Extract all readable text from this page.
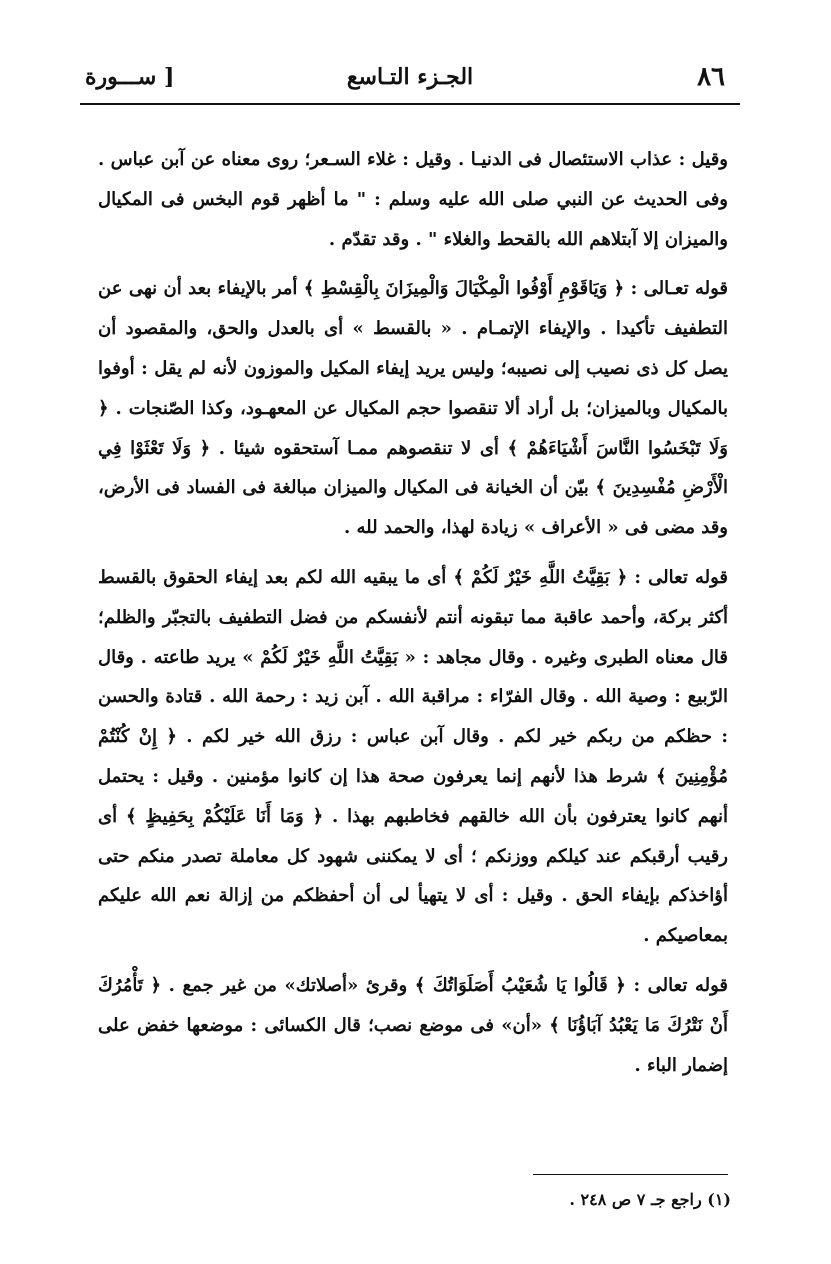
٨٦
الجـزء التـاسع
[ ســـورة

وقيل : عذاب الاستئصال فى الدنيـا . وقيل : غلاء السـعر؛ روى معناه عن آبن عباس . وفى الحديث عن النبي صلى الله عليه وسلم : " ما أظهر قوم البخس فى المكيال والميزان إلا آبتلاهم الله بالقحط والغلاء " . وقد تقدّم .

قوله تعـالى : ﴿ وَيَاقَوْمِ أَوْفُوا الْمِكْيَالَ وَالْمِيزَانَ بِالْقِسْطِ ﴾ أمر بالإيفاء بعد أن نهى عن التطفيف تأكيدا . والإيفاء الإتمـام . « بالقسط » أى بالعدل والحق، والمقصود أن يصل كل ذى نصيب إلى نصيبه؛ وليس يريد إيفاء المكيل والموزون لأنه لم يقل : أوفوا بالمكيال وبالميزان؛ بل أراد ألا تنقصوا حجم المكيال عن المعهـود، وكذا الصّنجات . ﴿ وَلَا تَبْخَسُوا النَّاسَ أَشْيَاءَهُمْ ﴾ أى لا تنقصوهم ممـا آستحقوه شيئا . ﴿ وَلَا تَعْثَوْا فِي الْأَرْضِ مُفْسِدِينَ ﴾ بيّن أن الخيانة فى المكيال والميزان مبالغة فى الفساد فى الأرض، وقد مضى فى « الأعراف » زيادة لهذا، والحمد لله .

قوله تعالى : ﴿ بَقِيَّتُ اللَّهِ خَيْرٌ لَكُمْ ﴾ أى ما يبقيه الله لكم بعد إيفاء الحقوق بالقسط أكثر بركة، وأحمد عاقبة مما تبقونه أنتم لأنفسكم من فضل التطفيف بالتجبّر والظلم؛ قال معناه الطبرى وغيره . وقال مجاهد : « بَقِيَّتُ اللَّهِ خَيْرٌ لَكُمْ » يريد طاعته . وقال الرّبيع : وصية الله . وقال الفرّاء : مراقبة الله . آبن زيد : رحمة الله . قتادة والحسن : حظكم من ربكم خير لكم . وقال آبن عباس : رزق الله خير لكم . ﴿ إِنْ كُنْتُمْ مُؤْمِنِينَ ﴾ شرط هذا لأنهم إنما يعرفون صحة هذا إن كانوا مؤمنين . وقيل : يحتمل أنهم كانوا يعترفون بأن الله خالقهم فخاطبهم بهذا . ﴿ وَمَا أَنَا عَلَيْكُمْ بِحَفِيظٍ ﴾ أى رقيب أرقبكم عند كيلكم ووزنكم ؛ أى لا يمكننى شهود كل معاملة تصدر منكم حتى أؤاخذكم بإيفاء الحق . وقيل : أى لا يتهيأ لى أن أحفظكم من إزالة نعم الله عليكم بمعاصيكم .

قوله تعالى : ﴿ قَالُوا يَا شُعَيْبُ أَصَلَوَاتُكَ ﴾ وقرئ «أصلاتك» من غير جمع . ﴿ تَأْمُرُكَ أَنْ نَتْرُكَ مَا يَعْبُدُ آبَاؤُنَا ﴾ «أن» فى موضع نصب؛ قال الكسائى : موضعها خفض على إضمار الباء .

(١) راجع جـ ٧ ص ٢٤٨ .
